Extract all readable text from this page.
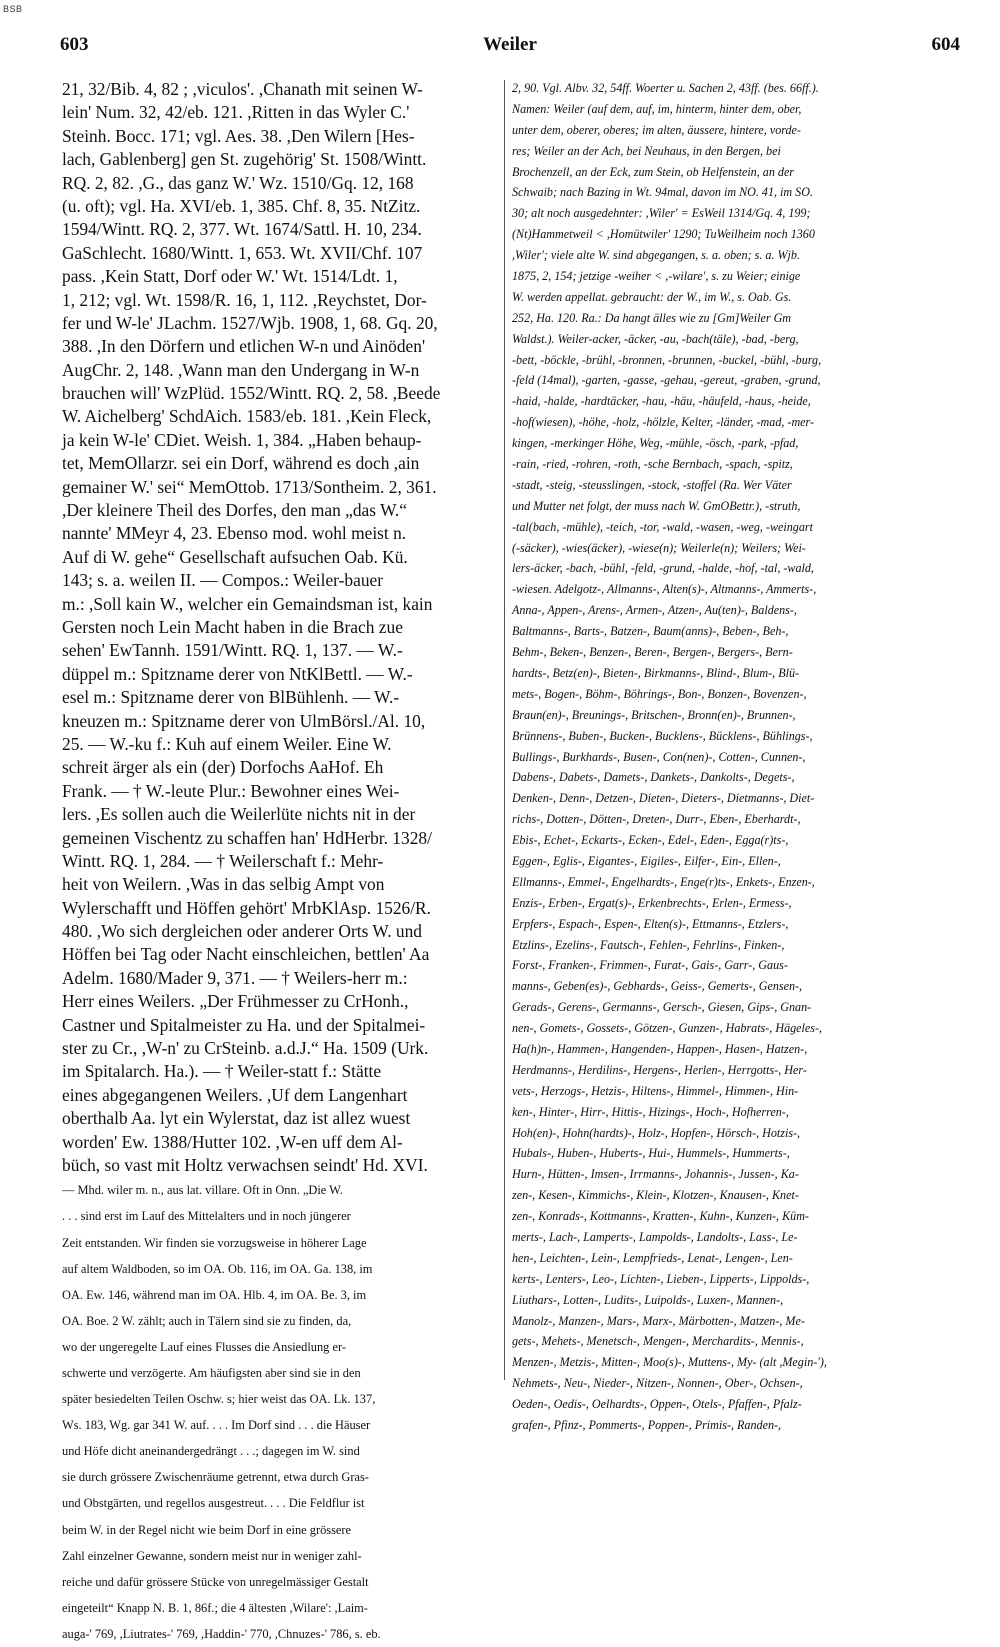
BSB
603	Weiler	604
21, 32/Bib. 4, 82 ; ,viculos'. ,Chanath mit seinen W-
lein' Num. 32, 42/eb. 121. ,Ritten in das Wyler C.'
Steinh. Bocc. 171; vgl. Aes. 38. ,Den Wilern [Hes-
lach, Gablenberg] gen St. zugehörig' St. 1508/Wintt.
RQ. 2, 82. ,G., das ganz W.' Wz. 1510/Gq. 12, 168
(u. oft); vgl. Ha. XVI/eb. 1, 385. Chf. 8, 35. NtZitz.
1594/Wintt. RQ. 2, 377. Wt. 1674/Sattl. H. 10, 234.
GaSchlecht. 1680/Wintt. 1, 653. Wt. XVII/Chf. 107
pass. ,Kein Statt, Dorf oder W.' Wt. 1514/Ldt. 1,
1, 212; vgl. Wt. 1598/R. 16, 1, 112. ,Reychstet, Dor-
fer und W-le' JLachm. 1527/Wjb. 1908, 1, 68. Gq. 20,
388. ,In den Dörfern und etlichen W-n und Ainöden'
AugChr. 2, 148. ,Wann man den Undergang in W-n
brauchen will' WzPlüd. 1552/Wintt. RQ. 2, 58. ,Beede
W. Aichelberg' SchdAich. 1583/eb. 181. ,Kein Fleck,
ja kein W-le' CDiet. Weish. 1, 384. „Haben behaup-
tet, MemOllarzr. sei ein Dorf, während es doch ,ain
gemainer W.' sei“ MemOttob. 1713/Sontheim. 2, 361.
,Der kleinere Theil des Dorfes, den man „das W.“
nannte' MMeyr 4, 23. Ebenso mod. wohl meist n.
Auf di W. gehe“ Gesellschaft aufsuchen Oab. Kü.
143; s. a. weilen II. — Compos.: Weiler-bauer
m.: ,Soll kain W., welcher ein Gemaindsman ist, kain
Gersten noch Lein Macht haben in die Brach zue
sehen' EwTannh. 1591/Wintt. RQ. 1, 137. — W.-
düppel m.: Spitzname derer von NtKlBettl. — W.-
esel m.: Spitzname derer von BlBühlenh. — W.-
kneuzen m.: Spitzname derer von UlmBörsl./Al. 10,
25. — W.-ku f.: Kuh auf einem Weiler. Eine W.
schreit ärger als ein (der) Dorfochs AaHof. Eh
Frank. — † W.-leute Plur.: Bewohner eines Wei-
lers. ,Es sollen auch die Weilerlüte nichts nit in der
gemeinen Vischentz zu schaffen han' HdHerbr. 1328/
Wintt. RQ. 1, 284. — † Weilerschaft f.: Mehr-
heit von Weilern. ,Was in das selbig Ampt von
Wylerschafft und Höffen gehört' MrbKlAsp. 1526/R.
480. ,Wo sich dergleichen oder anderer Orts W. und
Höffen bei Tag oder Nacht einschleichen, bettlen' Aa
Adelm. 1680/Mader 9, 371. — † Weilers-herr m.:
Herr eines Weilers. „Der Frühmesser zu CrHonh.,
Castner und Spitalmeister zu Ha. und der Spitalmei-
ster zu Cr., ,W-n' zu CrSteinb. a.d.J.“ Ha. 1509 (Urk.
im Spitalarch. Ha.). — † Weiler-statt f.: Stätte
eines abgegangenen Weilers. ,Uf dem Langenhart
oberthalb Aa. lyt ein Wylerstat, daz ist allez wuest
worden' Ew. 1388/Hutter 102. ,W-en uff dem Al-
büch, so vast mit Holtz verwachsen seindt' Hd. XVI.
— Mhd. wiler m. n., aus lat. villare. Oft in Onn. „Die W.
. . . sind erst im Lauf des Mittelalters und in noch jüngerer
Zeit entstanden. Wir finden sie vorzugsweise in höherer Lage
auf altem Waldboden, so im OA. Ob. 116, im OA. Ga. 138, im
OA. Ew. 146, während man im OA. Hlb. 4, im OA. Be. 3, im
OA. Boe. 2 W. zählt; auch in Tälern sind sie zu finden, da,
wo der ungeregelte Lauf eines Flusses die Ansiedlung er-
schwerte und verzögerte. Am häufigsten aber sind sie in den
später besiedelten Teilen Oschw. s; hier weist das OA. Lk. 137,
Ws. 183, Wg. gar 341 W. auf. . . . Im Dorf sind . . . die Häuser
und Höfe dicht aneinandergedrängt . . .; dagegen im W. sind
sie durch grössere Zwischenräume getrennt, etwa durch Gras-
und Obstgärten, und regellos ausgestreut. . . . Die Feldflur ist
beim W. in der Regel nicht wie beim Dorf in eine grössere
Zahl einzelner Gewanne, sondern meist nur in weniger zahl-
reiche und dafür grössere Stücke von unregelmässiger Gestalt
eingeteilt“ Knapp N. B. 1, 86f.; die 4 ältesten ,Wilare': ,Laim-
auga-' 769, ,Liutrates-' 769, ,Haddin-' 770, ,Chnuzes-' 786, s. eb.
2, 90. Vgl. Albv. 32, 54ff. Woerter u. Sachen 2, 43ff. (bes. 66ff.).
Namen: Weiler (auf dem, auf, im, hinterm, hinter dem, ober,
unter dem, oberer, oberes; im alten, äussere, hintere, vorde-
res; Weiler an der Ach, bei Neuhaus, in den Bergen, bei
Brochenzell, an der Eck, zum Stein, ob Helfenstein, an der
Schwaib; nach Bazing in Wt. 94mal, davon im NO. 41, im SO.
30; alt noch ausgedehnter: ,Wiler' = EsWeil 1314/Gq. 4, 199;
(Nt)Hammetweil < ,Homütwiler' 1290; TuWeilheim noch 1360
,Wiler'; viele alte W. sind abgegangen, s. a. oben; s. a. Wjb.
1875, 2, 154; jetzige -weiher < ,-wilare', s. zu Weier; einige
W. werden appellat. gebraucht: der W., im W., s. Oab. Gs.
252, Ha. 120. Ra.: Da hangt älles wie zu [Gm]Weiler Gm
Waldst.). Weiler-acker, -äcker, -au, -bach(täle), -bad, -berg,
-bett, -böckle, -brühl, -bronnen, -brunnen, -buckel, -bühl, -burg,
-feld (14mal), -garten, -gasse, -gehau, -gereut, -graben, -grund,
-haid, -halde, -hardtäcker, -hau, -häu, -häufeld, -haus, -heide,
-hof(wiesen), -höhe, -holz, -hölzle, Kelter, -länder, -mad, -mer-
kingen, -merkinger Höhe, Weg, -mühle, -ösch, -park, -pfad,
-rain, -ried, -rohren, -roth, -sche Bernbach, -spach, -spitz,
-stadt, -steig, -steusslingen, -stock, -stoffel (Ra. Wer Väter
und Mutter net folgt, der muss nach W. GmOBettr.), -struth,
-tal(bach, -mühle), -teich, -tor, -wald, -wasen, -weg, -weingart
(-säcker), -wies(äcker), -wiese(n); Weilerle(n); Weilers; Wei-
lers-äcker, -bach, -bühl, -feld, -grund, -halde, -hof, -tal, -wald,
-wiesen. Adelgotz-, Allmanns-, Alten(s)-, Altmanns-, Ammerts-,
Anna-, Appen-, Arens-, Armen-, Atzen-, Au(ten)-, Baldens-,
Baltmanns-, Barts-, Batzen-, Baum(anns)-, Beben-, Beh-,
Behm-, Beken-, Benzen-, Beren-, Bergen-, Bergers-, Bern-
hardts-, Betz(en)-, Bieten-, Birkmanns-, Blind-, Blum-, Blü-
mets-, Bogen-, Böhm-, Böhrings-, Bon-, Bonzen-, Bovenzen-,
Braun(en)-, Breunings-, Britschen-, Bronn(en)-, Brunnen-,
Brünnens-, Buben-, Bucken-, Bucklens-, Bücklens-, Bühlings-,
Bullings-, Burkhards-, Busen-, Con(nen)-, Cotten-, Cunnen-,
Dabens-, Dabets-, Damets-, Dankets-, Dankolts-, Degets-,
Denken-, Denn-, Detzen-, Dieten-, Dieters-, Dietmanns-, Diet-
richs-, Dotten-, Dötten-, Dreten-, Durr-, Eben-, Eberhardt-,
Ebis-, Echet-, Eckarts-, Ecken-, Edel-, Eden-, Egga(r)ts-,
Eggen-, Eglis-, Eigantes-, Eigiles-, Eilfer-, Ein-, Ellen-,
Ellmanns-, Emmel-, Engelhardts-, Enge(r)ts-, Enkets-, Enzen-,
Enzis-, Erben-, Ergat(s)-, Erkenbrechts-, Erlen-, Ermess-,
Erpfers-, Espach-, Espen-, Elten(s)-, Ettmanns-, Etzlers-,
Etzlins-, Ezelins-, Fautsch-, Fehlen-, Fehrlins-, Finken-,
Forst-, Franken-, Frimmen-, Furat-, Gais-, Garr-, Gaus-
manns-, Geben(es)-, Gebhards-, Geiss-, Gemerts-, Gensen-,
Gerads-, Gerens-, Germanns-, Gersch-, Giesen, Gips-, Gnan-
nen-, Gomets-, Gossets-, Götzen-, Gunzen-, Habrats-, Hägeles-,
Ha(h)n-, Hammen-, Hangenden-, Happen-, Hasen-, Hatzen-,
Herdmanns-, Herdilins-, Hergens-, Herlen-, Herrgotts-, Her-
vets-, Herzogs-, Hetzis-, Hiltens-, Himmel-, Himmen-, Hin-
ken-, Hinter-, Hirr-, Hittis-, Hizings-, Hoch-, Hofherren-,
Hoh(en)-, Hohn(hardts)-, Holz-, Hopfen-, Hörsch-, Hotzis-,
Hubals-, Huben-, Huberts-, Hui-, Hummels-, Hummerts-,
Hurn-, Hütten-, Imsen-, Irrmanns-, Johannis-, Jussen-, Ka-
zen-, Kesen-, Kimmichs-, Klein-, Klotzen-, Knausen-, Knet-
zen-, Konrads-, Kottmanns-, Kratten-, Kuhn-, Kunzen-, Küm-
merts-, Lach-, Lamperts-, Lampolds-, Landolts-, Lass-, Le-
hen-, Leichten-, Lein-, Lempfrieds-, Lenat-, Lengen-, Len-
kerts-, Lenters-, Leo-, Lichten-, Lieben-, Lipperts-, Lippolds-,
Liuthars-, Lotten-, Ludits-, Luipolds-, Luxen-, Mannen-,
Manolz-, Manzen-, Mars-, Marx-, Märbotten-, Matzen-, Me-
gets-, Mehets-, Menetsch-, Mengen-, Merchardits-, Mennis-,
Menzen-, Metzis-, Mitten-, Moo(s)-, Muttens-, My- (alt ,Megin-'),
Nehmets-, Neu-, Nieder-, Nitzen-, Nonnen-, Ober-, Ochsen-,
Oeden-, Oedis-, Oelhardts-, Oppen-, Otels-, Pfaffen-, Pfalz-
grafen-, Pfinz-, Pommerts-, Poppen-, Primis-, Randen-,
